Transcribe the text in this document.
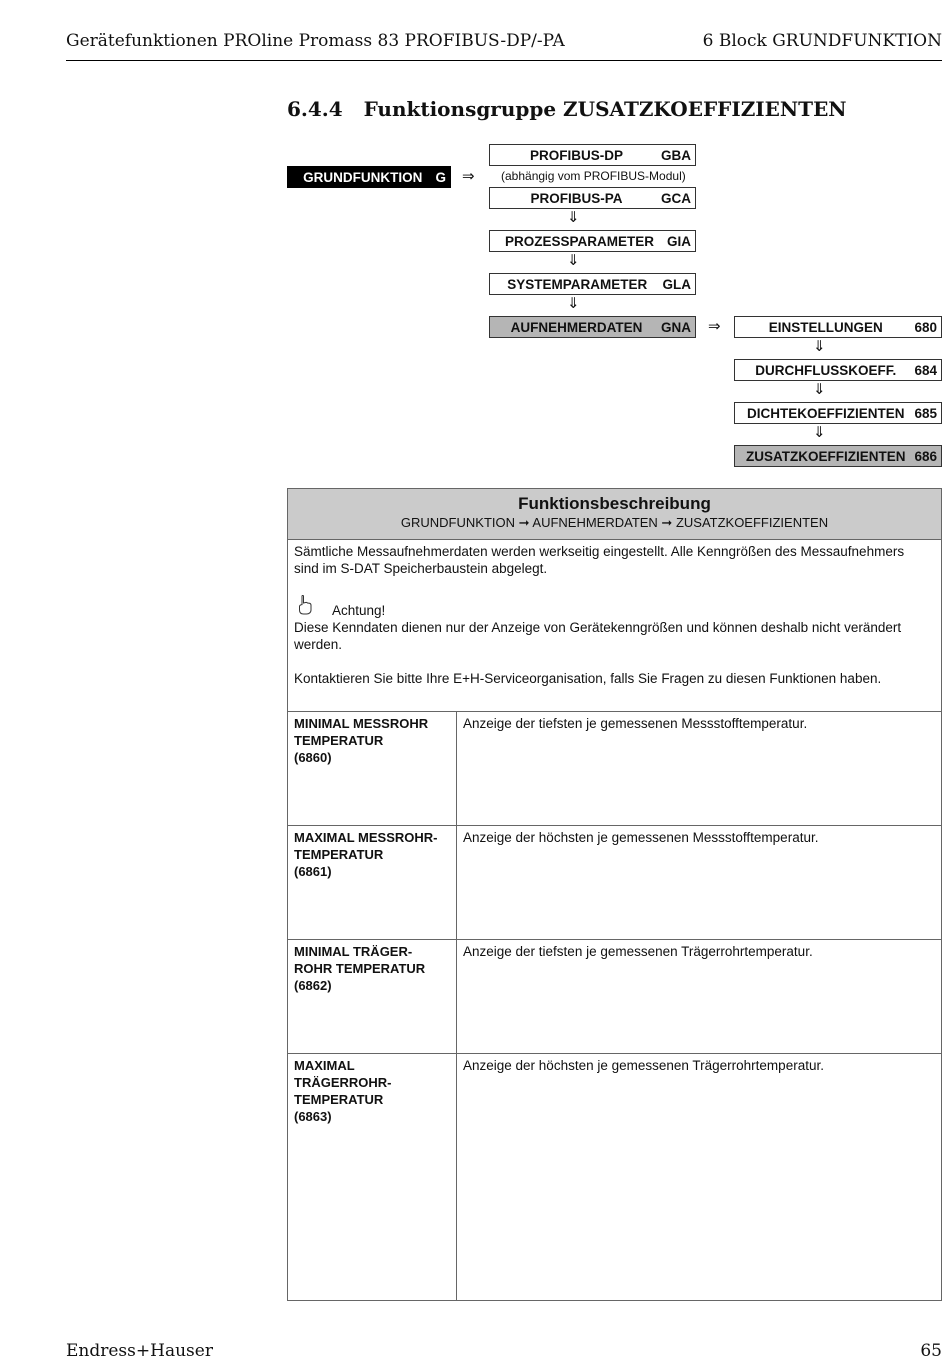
Gerätefunktionen PROline Promass 83 PROFIBUS-DP/-PA	6 Block GRUNDFUNKTION
6.4.4   Funktionsgruppe ZUSATZKOEFFIZIENTEN
GRUNDFUNKTION G ⇒
PROFIBUS-DP	GBA
(abhängig vom PROFIBUS-Modul)
PROFIBUS-PA	GCA
⇓
PROZESSPARAMETER GIA
⇓
SYSTEMPARAMETER	GLA
⇓
AUFNEHMERDATEN	GNA ⇒	EINSTELLUNGEN	680
⇓
DURCHFLUSSKOEFF.	684
⇓
DICHTEKOEFFIZIENTEN 685
⇓
ZUSATZKOEFFIZIENTEN 686
Funktionsbeschreibung
GRUNDFUNKTION ➞ AUFNEHMERDATEN ➞ ZUSATZKOEFFIZIENTEN
Sämtliche Messaufnehmerdaten werden werkseitig eingestellt. Alle Kenngrößen des Messaufnehmers sind im S-DAT Speicherbaustein abgelegt.
Achtung!
Diese Kenndaten dienen nur der Anzeige von Gerätekenngrößen und können deshalb nicht verändert werden.
Kontaktieren Sie bitte Ihre E+H-Serviceorganisation, falls Sie Fragen zu diesen Funktionen haben.
MINIMAL MESSROHR
TEMPERATUR
(6860)
Anzeige der tiefsten je gemessenen Messstofftemperatur.
MAXIMAL MESSROHR-
TEMPERATUR
(6861)
Anzeige der höchsten je gemessenen Messstofftemperatur.
MINIMAL TRÄGER-
ROHR TEMPERATUR
(6862)
Anzeige der tiefsten je gemessenen Trägerrohrtemperatur.
MAXIMAL
TRÄGERROHR-
TEMPERATUR
(6863)
Anzeige der höchsten je gemessenen Trägerrohrtemperatur.
Endress+Hauser	65
